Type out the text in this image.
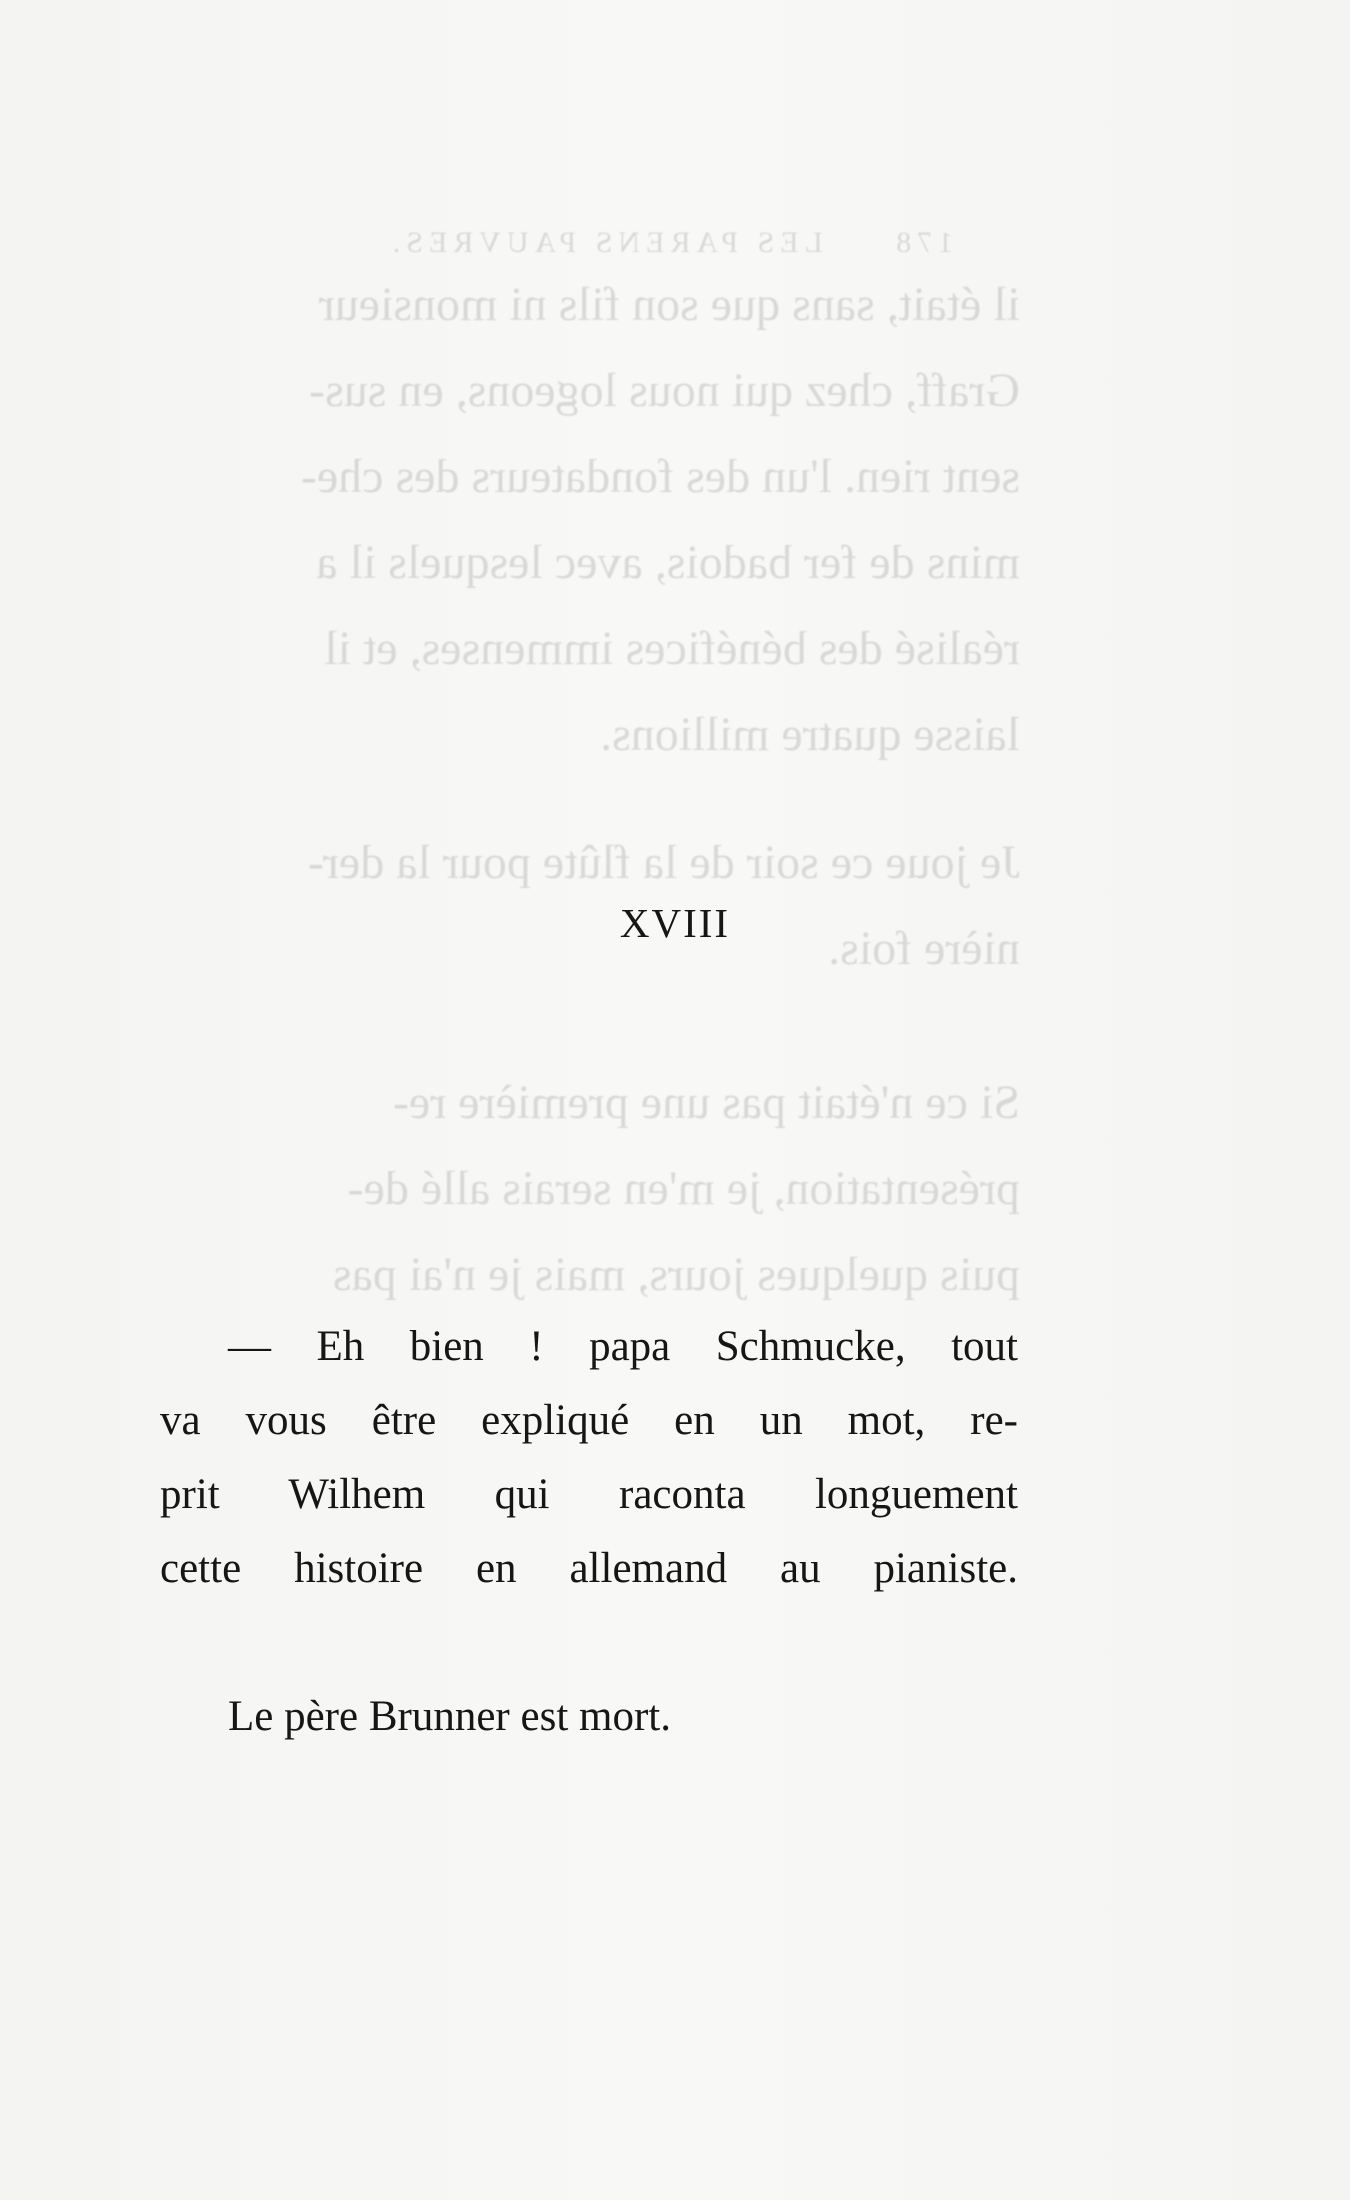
178     LES PARENS PAUVRES.
il était, sans que son fils ni monsieur
Graff, chez qui nous logeons, en sus-
sent rien. l'un des fondateurs des che-
mins de fer badois, avec lesquels il a
réalisé des bénéfices immenses, et il
laisse quatre millions.
Je joue ce soir de la flûte pour la der-
nière fois.
Si ce n'était pas une première re-
présentation, je m'en serais allé de-
puis quelques jours, mais je n'ai pas
XVIII
— Eh bien ! papa Schmucke, tout
va vous être expliqué en un mot, re-
prit Wilhem qui raconta longuement
cette histoire en allemand au pianiste.
Le père Brunner est mort.
